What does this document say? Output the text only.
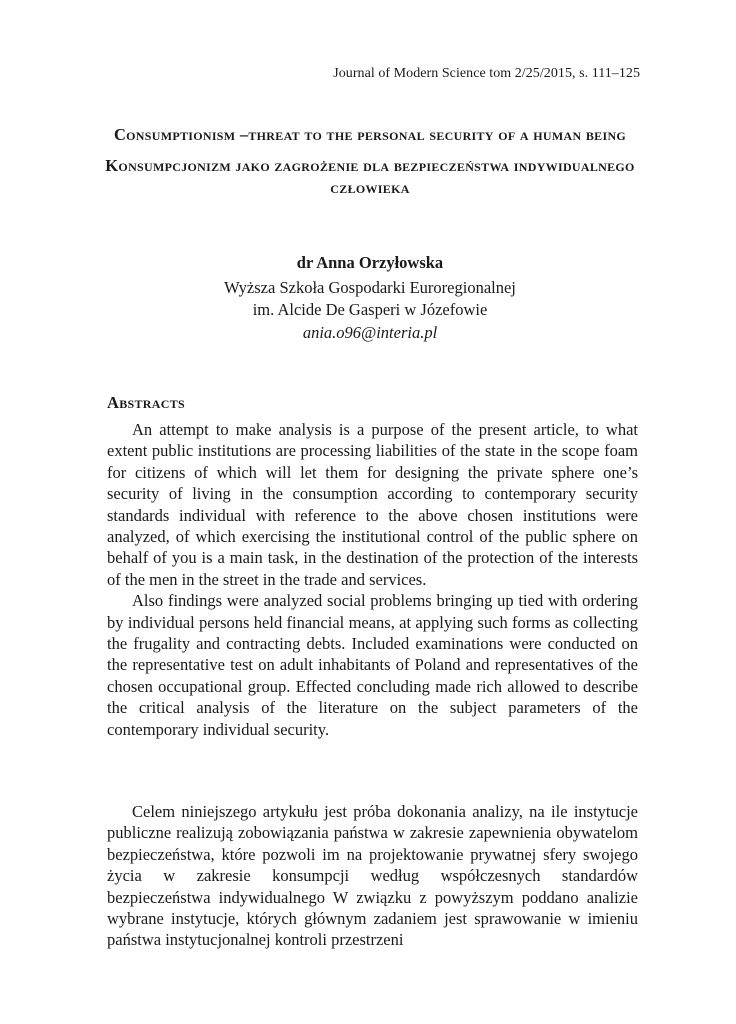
Journal of Modern Science tom 2/25/2015, s. 111–125
Consumptionism –threat to the personal security of a human being
Konsumpcjonizm jako zagrożenie dla bezpieczeństwa indywidualnego człowieka
dr Anna Orzyłowska
Wyższa Szkoła Gospodarki Euroregionalnej
im. Alcide De Gasperi w Józefowie
ania.o96@interia.pl
Abstracts

An attempt to make analysis is a purpose of the present article, to what extent public institutions are processing liabilities of the state in the scope foam for citizens of which will let them for designing the private sphere one’s security of living in the consumption according to contemporary security standards individual with reference to the above chosen institutions were analyzed, of which exercising the institutional control of the public sphere on behalf of you is a main task, in the destination of the protection of the interests of the men in the street in the trade and services.

Also findings were analyzed social problems bringing up tied with ordering by individual persons held financial means, at applying such forms as collecting the frugality and contracting debts. Included examinations were conducted on the representative test on adult inhabitants of Poland and representatives of the chosen occupational group. Effected concluding made rich allowed to describe the critical analysis of the literature on the subject parameters of the contemporary individual security.

Celem niniejszego artykułu jest próba dokonania analizy, na ile instytucje publiczne realizują zobowiązania państwa w zakresie zapewnienia obywatelom bezpieczeństwa, które pozwoli im na projektowanie prywatnej sfery swojego życia w zakresie konsumpcji według współczesnych standardów bezpieczeństwa indywidualnego W związku z powyższym poddano analizie wybrane instytucje, których głównym zadaniem jest sprawowanie w imieniu państwa instytucjonalnej kontroli przestrzeni
